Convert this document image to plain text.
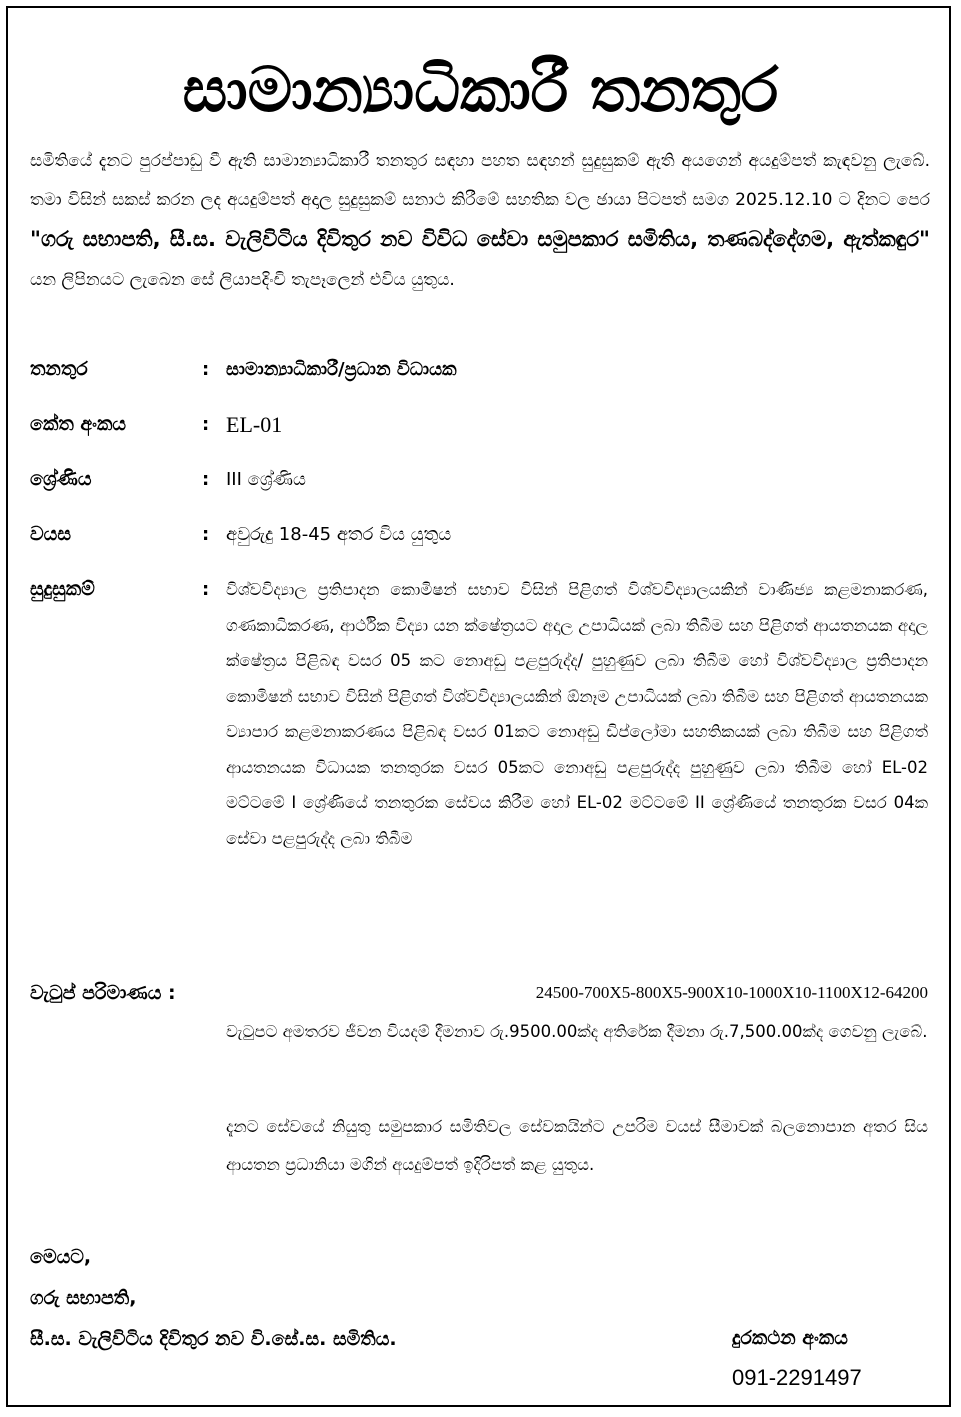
සාමාන්‍යාධිකාරී තනතුර
සමිතියේ දැනට පුරප්පාඩු වී ඇති සාමාන්‍යාධිකාරී තනතුර සඳහා පහත සඳහන් සුදුසුකම් ඇති අයගෙන් අයදුම්පත් කැඳවනු ලැබේ. තමා විසින් සකස් කරන ලද අයදුම්පත් අදාල සුදුසුකම් සනාථ කිරීමේ සහතික වල ඡායා පිටපත් සමග 2025.12.10 ට දිනට පෙර "ගරු සභාපති, සී.ස. වැලිවිටිය දිවිතුර නව විවිධ සේවා සමුපකාර සමිතිය, තණබද්දේගම, ඇත්කඳුර" යන ලිපිනයට ලැබෙන සේ ලියාපදිංචි තැපෑලෙන් එවිය යුතුය.
තනතුර	: සාමාන්‍යාධිකාරී/ප්‍රධාන විධායක
කේත අංකය	: EL-01
ශ්‍රේණිය	: III ශ්‍රේණිය
වයස	: අවුරුදු 18-45 අතර විය යුතුය
සුදුසුකම්	: විශ්වවිද්‍යාල ප්‍රතිපාදන කොමිෂන් සභාව විසින් පිළිගත් විශ්වවිද්‍යාලයකින් වාණිජ්‍ය කළමනාකරණ, ගණකාධිකරණ, ආර්ථික විද්‍යා යන ක්ෂේත්‍රයට අදාල උපාධියක් ලබා තිබීම සහ පිළිගත් ආයතනයක අදාල ක්ෂේත්‍රය පිළිබඳ වසර 05 කට නොඅඩු පළපුරුද්ද/ පුහුණුව ලබා තිබීම හෝ විශ්වවිද්‍යාල ප්‍රතිපාදන කොමිෂන් සභාව විසින් පිළිගත් විශ්වවිද්‍යාලයකින් ඕනෑම උපාධියක් ලබා තිබීම සහ පිළිගත් ආයතනයක ව්‍යාපාර කළමනාකරණය පිළිබඳ වසර 01කට නොඅඩු ඩිප්ලෝමා සහතිකයක් ලබා තිබීම සහ පිළිගත් ආයතනයක විධායක තනතුරක වසර 05කට නොඅඩු පළපුරුද්ද පුහුණුව ලබා තිබීම හෝ EL-02 මට්ටමේ I ශ්‍රේණියේ තනතුරක සේවය කිරීම හෝ EL-02 මට්ටමේ II ශ්‍රේණියේ තනතුරක වසර 04ක සේවා පළපුරුද්ද ලබා තිබීම
වැටුප් පරිමාණය :	24500-700X5-800X5-900X10-1000X10-1100X12-64200
වැටුපට අමතරව ජීවන වියදම් දීමනාව රු.9500.00ක්ද අතිරේක දීමනා රු.7,500.00ක්ද ගෙවනු ලැබේ.
දැනට සේවයේ නියුතු සමුපකාර සමිතිවල සේවකයින්ට උපරිම වයස් සීමාවක් බලනොපාන අතර සිය ආයතන ප්‍රධානියා මගින් අයදුම්පත් ඉදිරිපත් කළ යුතුය.
මෙයට,
ගරු සභාපති,
සී.ස. වැලිවිටිය දිවිතුර නව වි.සේ.ස. සමිතිය.	දුරකථන අංකය
091-2291497
